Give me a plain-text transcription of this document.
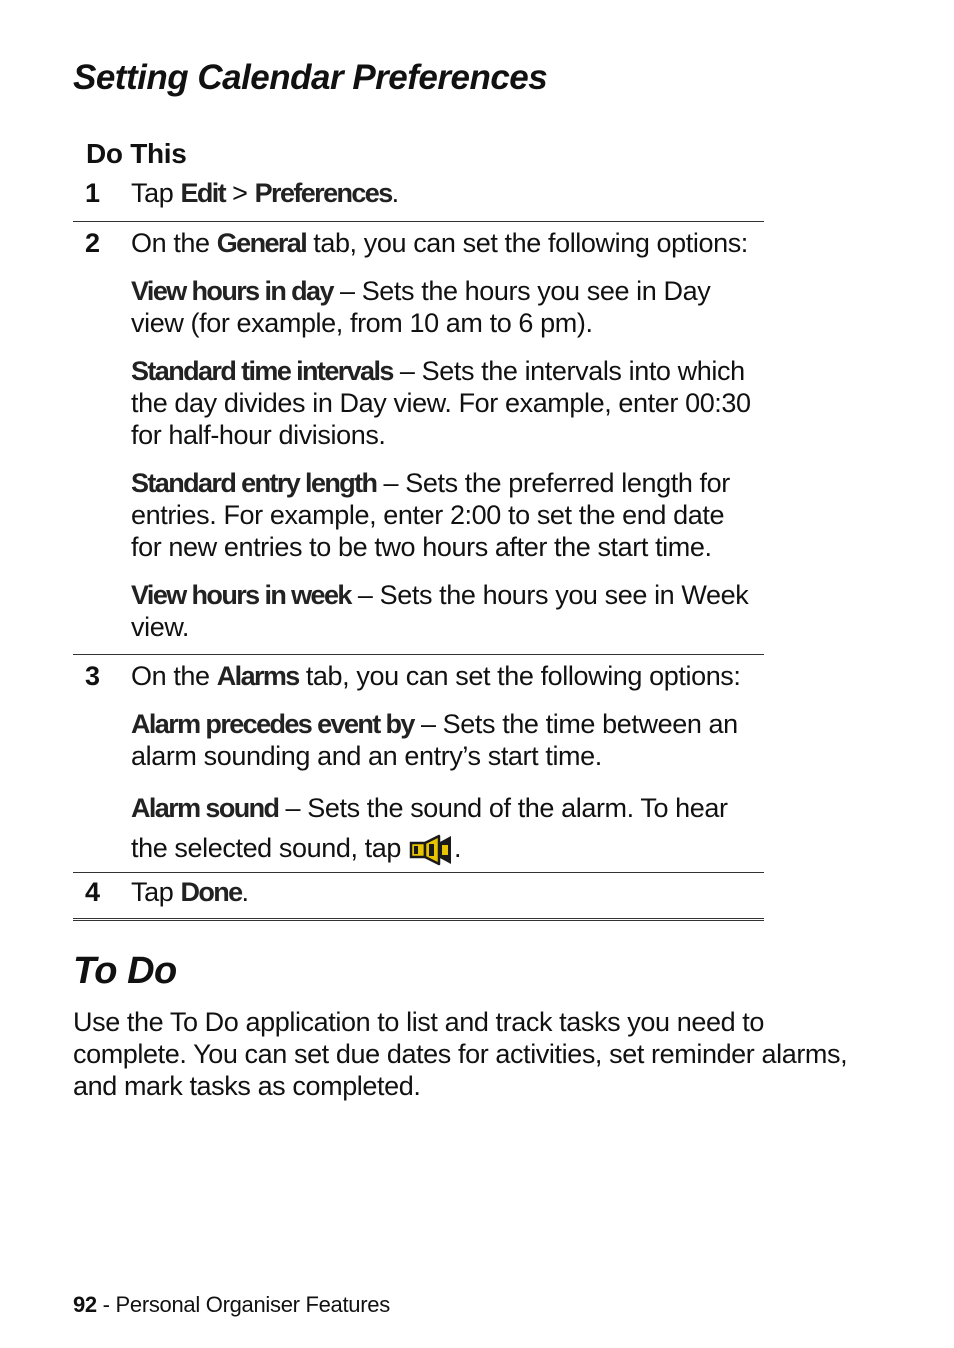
Setting Calendar Preferences
Do This
1 Tap Edit > Preferences.
2 On the General tab, you can set the following options:
View hours in day – Sets the hours you see in Day view (for example, from 10 am to 6 pm).
Standard time intervals – Sets the intervals into which the day divides in Day view. For example, enter 00:30 for half-hour divisions.
Standard entry length – Sets the preferred length for entries. For example, enter 2:00 to set the end date for new entries to be two hours after the start time.
View hours in week – Sets the hours you see in Week view.
3 On the Alarms tab, you can set the following options:
Alarm precedes event by – Sets the time between an alarm sounding and an entry’s start time.
Alarm sound – Sets the sound of the alarm. To hear the selected sound, tap .
4 Tap Done.
To Do

Use the To Do application to list and track tasks you need to complete. You can set due dates for activities, set reminder alarms, and mark tasks as completed.

92 - Personal Organiser Features
